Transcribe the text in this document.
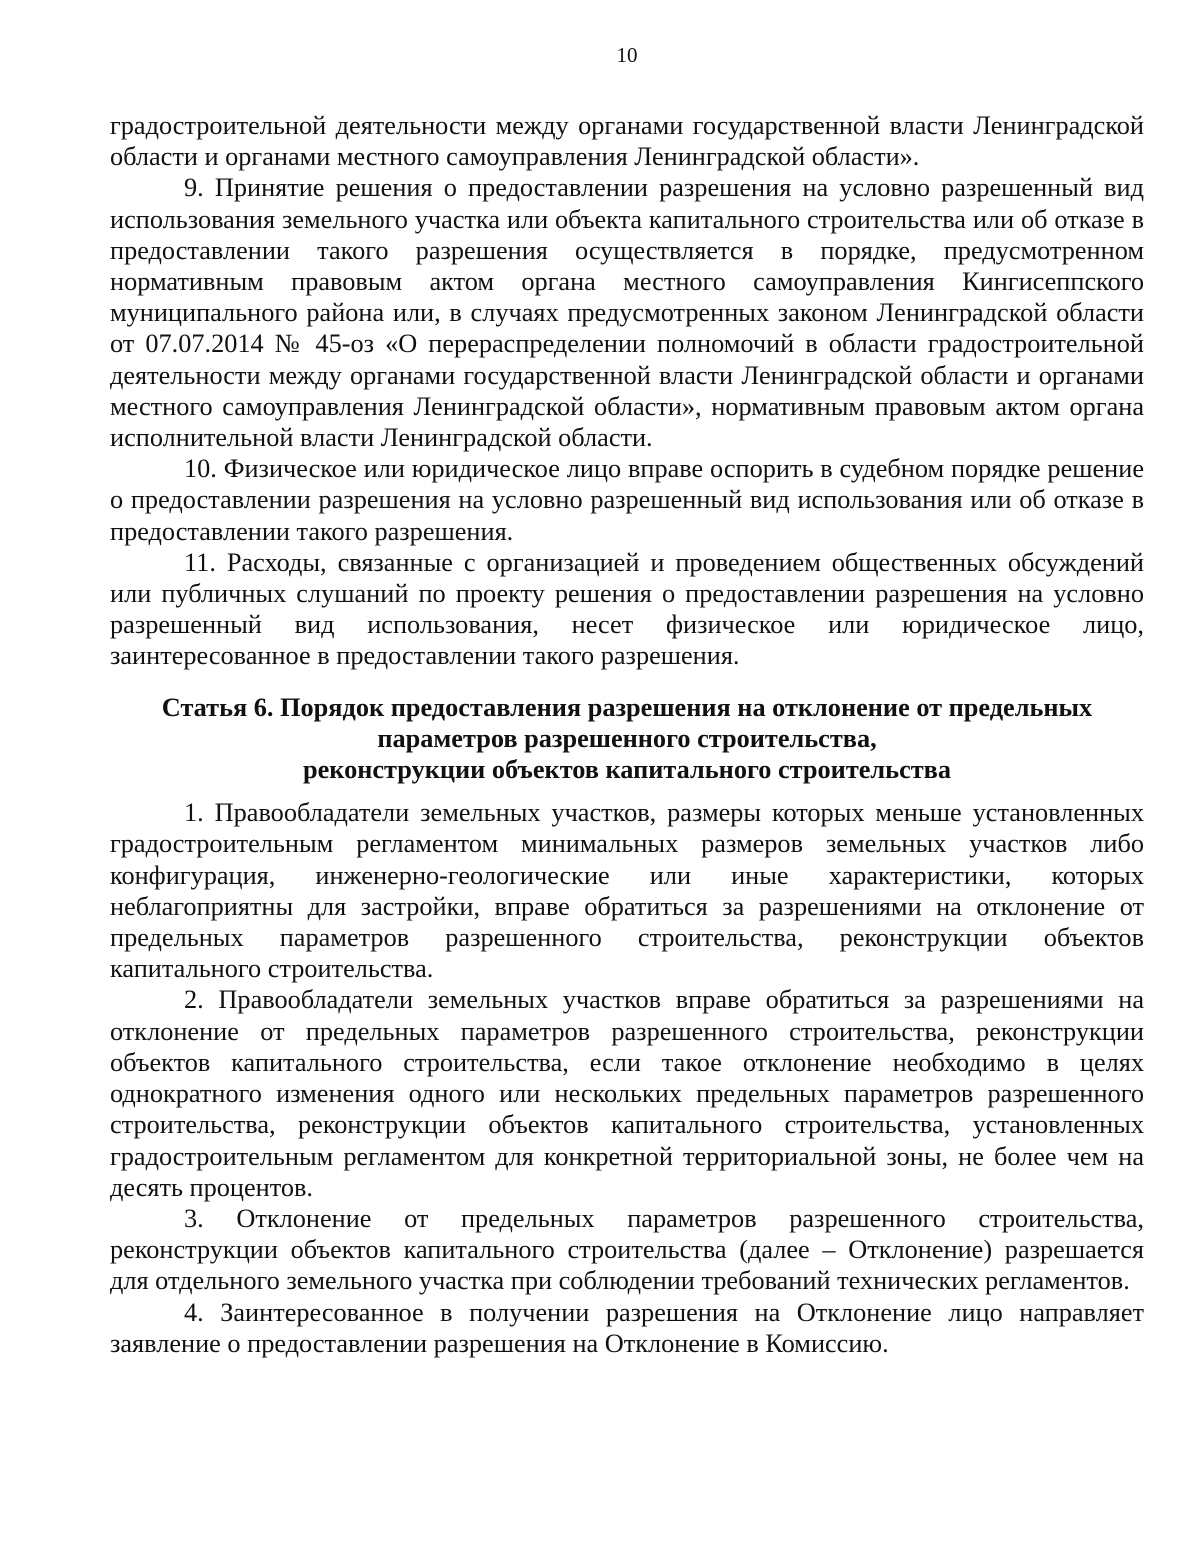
10

градостроительной деятельности между органами государственной власти Ленинградской области и органами местного самоуправления Ленинградской области».

9. Принятие решения о предоставлении разрешения на условно разрешенный вид использования земельного участка или объекта капитального строительства или об отказе в предоставлении такого разрешения осуществляется в порядке, предусмотренном нормативным правовым актом органа местного самоуправления Кингисеппского муниципального района или, в случаях предусмотренных законом Ленинградской области от 07.07.2014 № 45-оз «О перераспределении полномочий в области градостроительной деятельности между органами государственной власти Ленинградской области и органами местного самоуправления Ленинградской области», нормативным правовым актом органа исполнительной власти Ленинградской области.

10. Физическое или юридическое лицо вправе оспорить в судебном порядке решение о предоставлении разрешения на условно разрешенный вид использования или об отказе в предоставлении такого разрешения.

11. Расходы, связанные с организацией и проведением общественных обсуждений или публичных слушаний по проекту решения о предоставлении разрешения на условно разрешенный вид использования, несет физическое или юридическое лицо, заинтересованное в предоставлении такого разрешения.

Статья 6. Порядок предоставления разрешения на отклонение от предельных
параметров разрешенного строительства,
реконструкции объектов капитального строительства

1. Правообладатели земельных участков, размеры которых меньше установленных градостроительным регламентом минимальных размеров земельных участков либо конфигурация, инженерно-геологические или иные характеристики, которых неблагоприятны для застройки, вправе обратиться за разрешениями на отклонение от предельных параметров разрешенного строительства, реконструкции объектов капитального строительства.

2. Правообладатели земельных участков вправе обратиться за разрешениями на отклонение от предельных параметров разрешенного строительства, реконструкции объектов капитального строительства, если такое отклонение необходимо в целях однократного изменения одного или нескольких предельных параметров разрешенного строительства, реконструкции объектов капитального строительства, установленных градостроительным регламентом для конкретной территориальной зоны, не более чем на десять процентов.

3. Отклонение от предельных параметров разрешенного строительства, реконструкции объектов капитального строительства (далее – Отклонение) разрешается для отдельного земельного участка при соблюдении требований технических регламентов.

4. Заинтересованное в получении разрешения на Отклонение лицо направляет заявление о предоставлении разрешения на Отклонение в Комиссию.
